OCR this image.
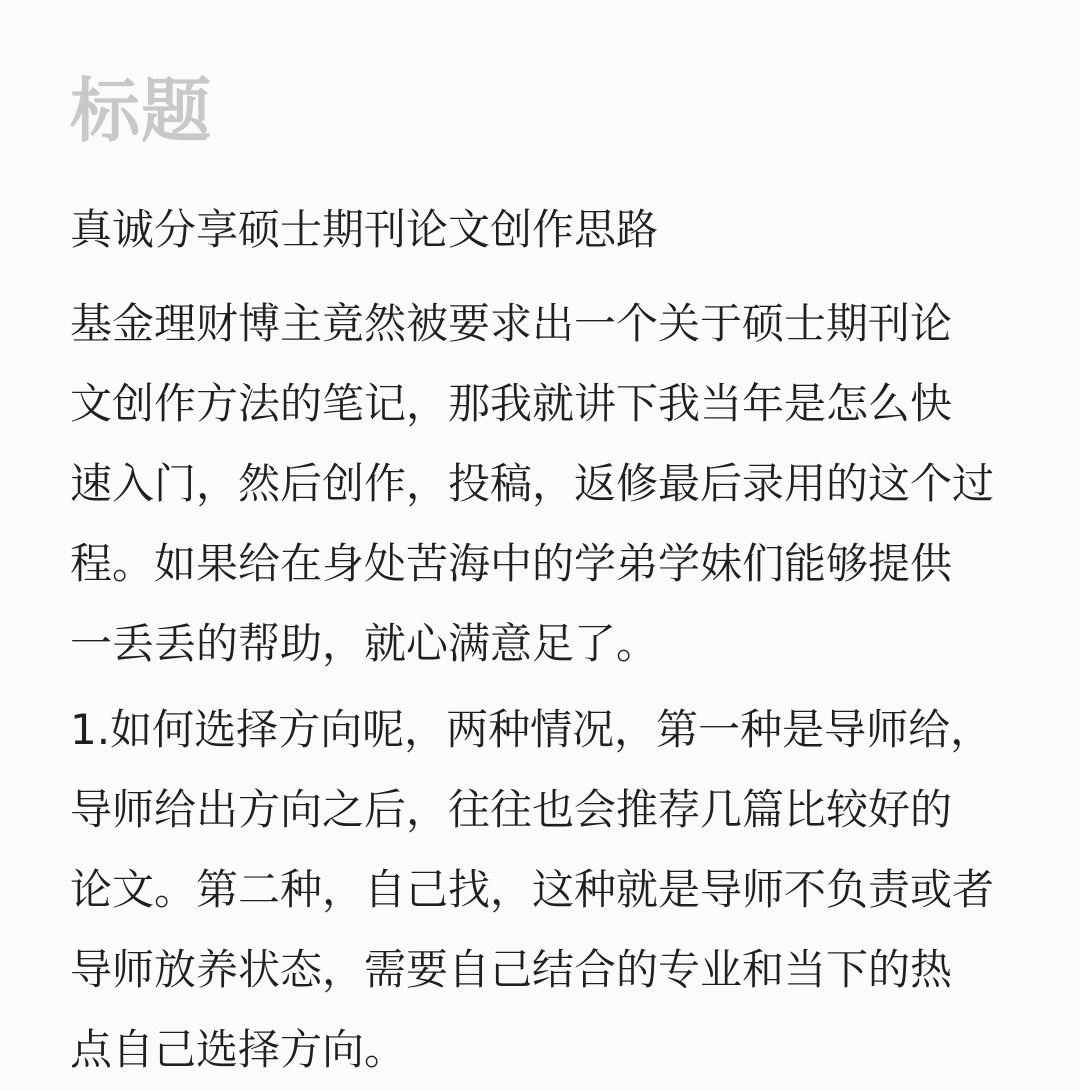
标题
真诚分享硕士期刊论文创作思路
基金理财博主竟然被要求出一个关于硕士期刊论
文创作方法的笔记，那我就讲下我当年是怎么快
速入门，然后创作，投稿，返修最后录用的这个过
程。如果给在身处苦海中的学弟学妹们能够提供
一丢丢的帮助，就心满意足了。
1.如何选择方向呢，两种情况，第一种是导师给，
导师给出方向之后，往往也会推荐几篇比较好的
论文。第二种，自己找，这种就是导师不负责或者
导师放养状态，需要自己结合的专业和当下的热
点自己选择方向。
